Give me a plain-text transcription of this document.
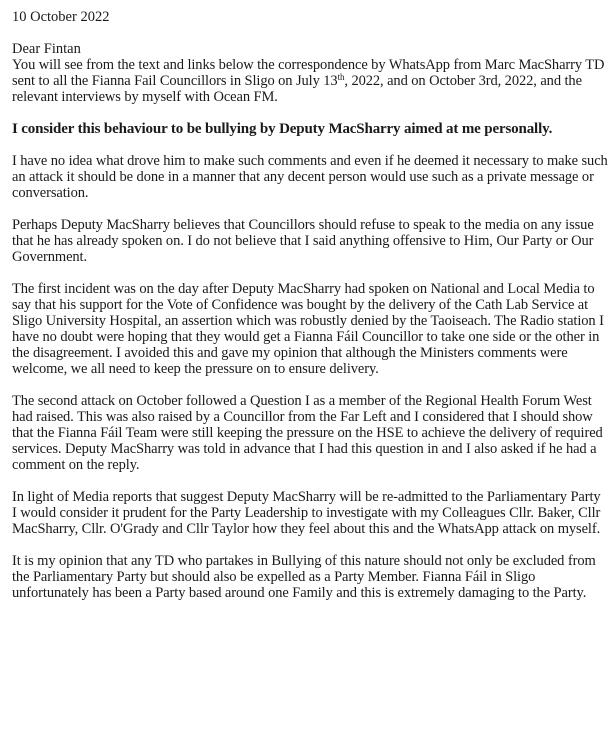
10 October 2022
Dear Fintan

You will see from the text and links below the correspondence by WhatsApp from Marc MacSharry TD sent to all the Fianna Fail Councillors in Sligo on July 13th, 2022, and on October 3rd, 2022, and the relevant interviews by myself with Ocean FM.

I consider this behaviour to be bullying by Deputy MacSharry aimed at me personally.

I have no idea what drove him to make such comments and even if he deemed it necessary to make such an attack it should be done in a manner that any decent person would use such as a private message or conversation.

Perhaps Deputy MacSharry believes that Councillors should refuse to speak to the media on any issue that he has already spoken on. I do not believe that I said anything offensive to Him, Our Party or Our Government.

The first incident was on the day after Deputy MacSharry had spoken on National and Local Media to say that his support for the Vote of Confidence was bought by the delivery of the Cath Lab Service at Sligo University Hospital, an assertion which was robustly denied by the Taoiseach. The Radio station I have no doubt were hoping that they would get a Fianna Fáil Councillor to take one side or the other in the disagreement. I avoided this and gave my opinion that although the Ministers comments were welcome, we all need to keep the pressure on to ensure delivery.

The second attack on October followed a Question I as a member of the Regional Health Forum West had raised. This was also raised by a Councillor from the Far Left and I considered that I should show that the Fianna Fáil Team were still keeping the pressure on the HSE to achieve the delivery of required services. Deputy MacSharry was told in advance that I had this question in and I also asked if he had a comment on the reply.

In light of Media reports that suggest Deputy MacSharry will be re-admitted to the Parliamentary Party I would consider it prudent for the Party Leadership to investigate with my Colleagues Cllr. Baker, Cllr MacSharry, Cllr. O'Grady and Cllr Taylor how they feel about this and the WhatsApp attack on myself.

It is my opinion that any TD who partakes in Bullying of this nature should not only be excluded from the Parliamentary Party but should also be expelled as a Party Member. Fianna Fáil in Sligo unfortunately has been a Party based around one Family and this is extremely damaging to the Party.
